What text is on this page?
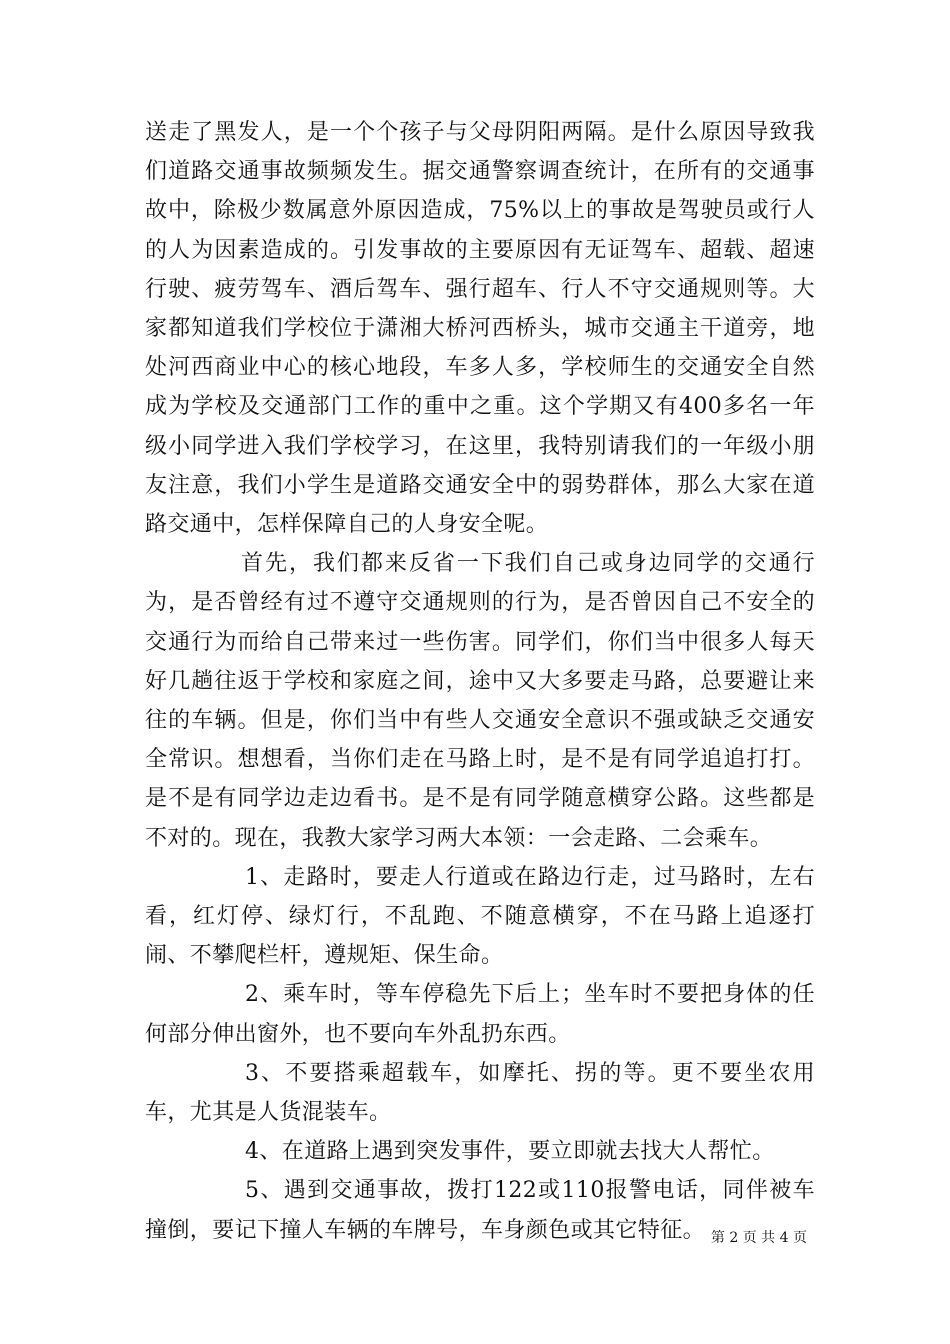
送走了黑发人，是一个个孩子与父母阴阳两隔。是什么原因导致我们道路交通事故频频发生。据交通警察调查统计，在所有的交通事故中，除极少数属意外原因造成，75%以上的事故是驾驶员或行人的人为因素造成的。引发事故的主要原因有无证驾车、超载、超速行驶、疲劳驾车、酒后驾车、强行超车、行人不守交通规则等。大家都知道我们学校位于潇湘大桥河西桥头，城市交通主干道旁，地处河西商业中心的核心地段，车多人多，学校师生的交通安全自然成为学校及交通部门工作的重中之重。这个学期又有400多名一年级小同学进入我们学校学习，在这里，我特别请我们的一年级小朋友注意，我们小学生是道路交通安全中的弱势群体，那么大家在道路交通中，怎样保障自己的人身安全呢。

首先，我们都来反省一下我们自己或身边同学的交通行为，是否曾经有过不遵守交通规则的行为，是否曾因自己不安全的交通行为而给自己带来过一些伤害。同学们，你们当中很多人每天好几趟往返于学校和家庭之间，途中又大多要走马路，总要避让来往的车辆。但是，你们当中有些人交通安全意识不强或缺乏交通安全常识。想想看，当你们走在马路上时，是不是有同学追追打打。是不是有同学边走边看书。是不是有同学随意横穿公路。这些都是不对的。现在，我教大家学习两大本领：一会走路、二会乘车。

1、走路时，要走人行道或在路边行走，过马路时，左右看，红灯停、绿灯行，不乱跑、不随意横穿，不在马路上追逐打闹、不攀爬栏杆，遵规矩、保生命。

2、乘车时，等车停稳先下后上；坐车时不要把身体的任何部分伸出窗外，也不要向车外乱扔东西。

3、不要搭乘超载车，如摩托、拐的等。更不要坐农用车，尤其是人货混装车。

4、在道路上遇到突发事件，要立即就去找大人帮忙。

5、遇到交通事故，拨打122或110报警电话，同伴被车撞倒，要记下撞人车辆的车牌号，车身颜色或其它特征。 第 2 页 共 4 页
